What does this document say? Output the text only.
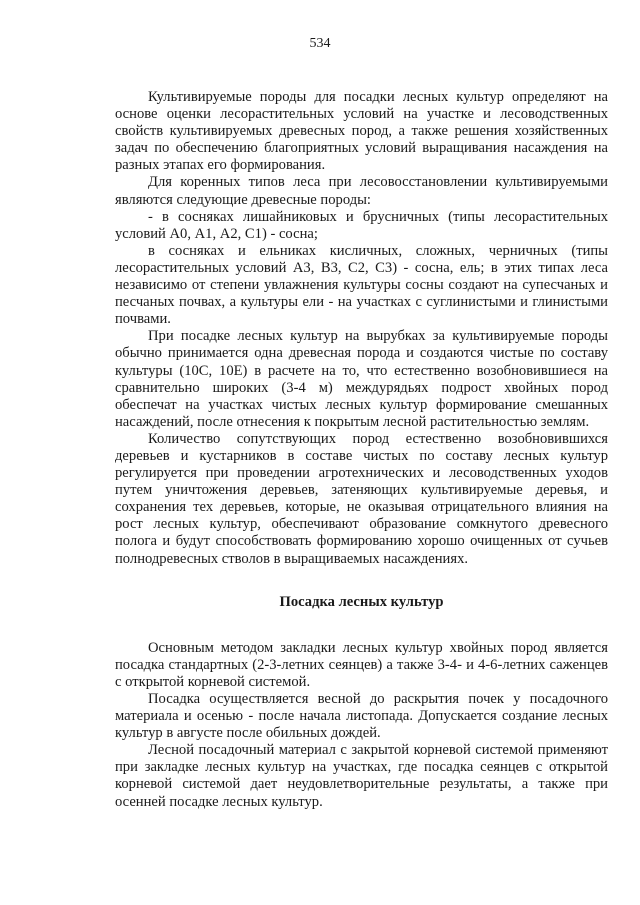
534

Культивируемые породы для посадки лесных культур определяют на основе оценки лесорастительных условий на участке и лесоводственных свойств культивируемых древесных пород, а также решения хозяйственных задач по обеспечению благоприятных условий выращивания насаждения на разных этапах его формирования.

Для коренных типов леса при лесовосстановлении культивируемыми являются следующие древесные породы:

- в сосняках лишайниковых и брусничных (типы лесорастительных условий А0, А1, А2, С1) - сосна;

в сосняках и ельниках кисличных, сложных, черничных (типы лесорастительных условий А3, В3, С2, С3) - сосна, ель; в этих типах леса независимо от степени увлажнения культуры сосны создают на супесчаных и песчаных почвах, а культуры ели - на участках с суглинистыми и глинистыми почвами.

При посадке лесных культур на вырубках за культивируемые породы обычно принимается одна древесная порода и создаются чистые по составу культуры (10С, 10Е) в расчете на то, что естественно возобновившиеся на сравнительно широких (3-4 м) междурядьях подрост хвойных пород обеспечат на участках чистых лесных культур формирование смешанных насаждений, после отнесения к покрытым лесной растительностью землям.

Количество сопутствующих пород естественно возобновившихся деревьев и кустарников в составе чистых по составу лесных культур регулируется при проведении агротехнических и лесоводственных уходов путем уничтожения деревьев, затеняющих культивируемые деревья, и сохранения тех деревьев, которые, не оказывая отрицательного влияния на рост лесных культур, обеспечивают образование сомкнутого древесного полога и будут способствовать формированию хорошо очищенных от сучьев полнодревесных стволов в выращиваемых насаждениях.

Посадка лесных культур

Основным методом закладки лесных культур хвойных пород является посадка стандартных (2-3-летних сеянцев) а также 3-4- и 4-6-летних саженцев с открытой корневой системой.

Посадка осуществляется весной до раскрытия почек у посадочного материала и осенью - после начала листопада. Допускается создание лесных культур в августе после обильных дождей.

Лесной посадочный материал с закрытой корневой системой применяют при закладке лесных культур на участках, где посадка сеянцев с открытой корневой системой дает неудовлетворительные результаты, а также при осенней посадке лесных культур.
